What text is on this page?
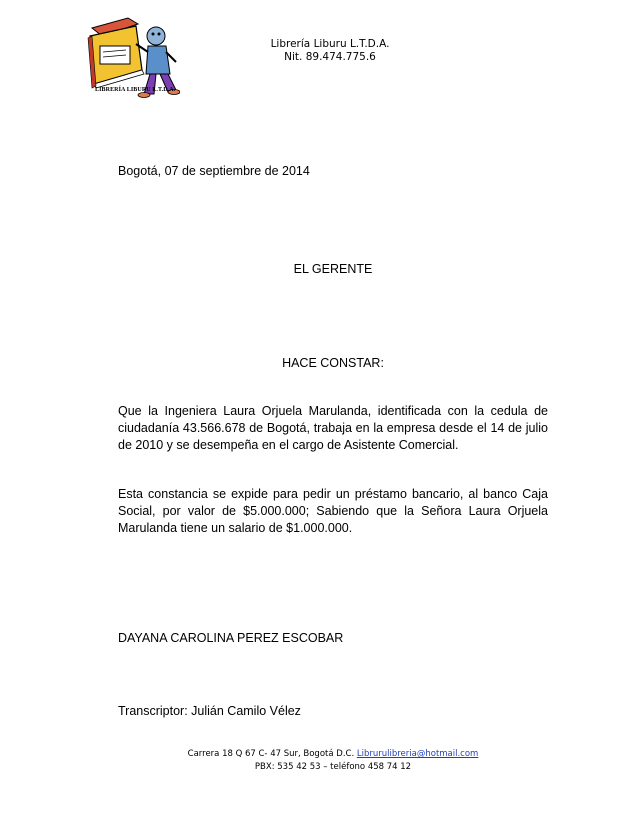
LIBRERÍA LIBURU L.T.D.A.
Librería Liburu L.T.D.A.
Nit. 89.474.775.6
Bogotá, 07 de septiembre de 2014
EL GERENTE
HACE CONSTAR:
Que la Ingeniera Laura Orjuela Marulanda, identificada con la cedula de ciudadanía 43.566.678 de Bogotá, trabaja en la empresa desde el 14 de julio de 2010 y se desempeña en el cargo de Asistente Comercial.
Esta constancia se expide para pedir un préstamo bancario, al banco Caja Social, por valor de $5.000.000; Sabiendo que la Señora Laura Orjuela Marulanda tiene un salario de $1.000.000.
DAYANA CAROLINA PEREZ ESCOBAR
Transcriptor: Julián Camilo Vélez
Carrera 18 Q 67 C- 47 Sur, Bogotá D.C. Librurulibreria@hotmail.com
PBX: 535 42 53 – teléfono 458 74 12
